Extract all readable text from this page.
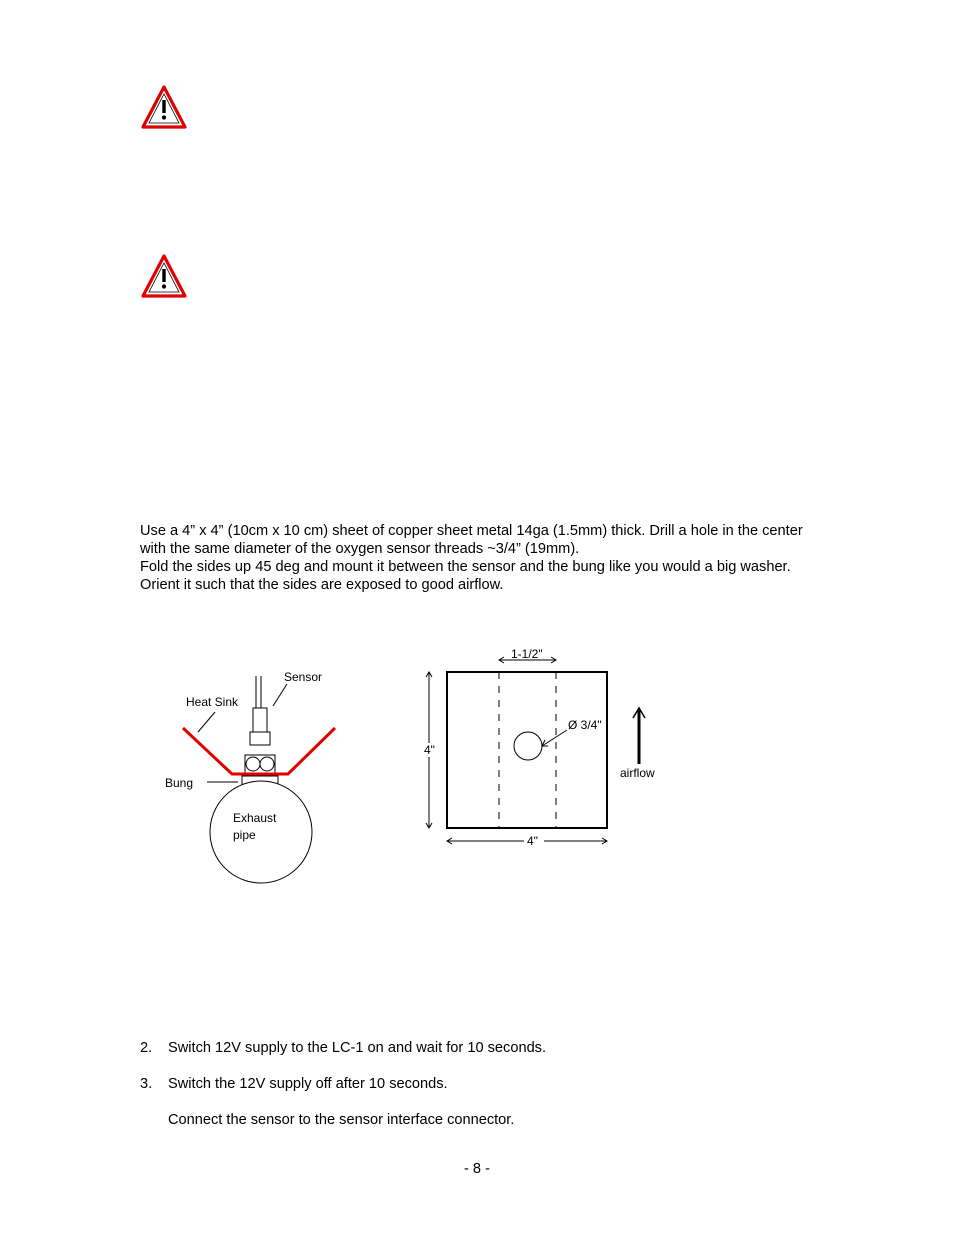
Use a 4” x 4” (10cm x 10 cm) sheet of copper sheet metal 14ga (1.5mm) thick. Drill a hole in the center with the same diameter of the oxygen sensor threads ~3/4” (19mm).

Fold the sides up 45 deg and mount it between the sensor and the bung like you would a big washer. Orient it such that the sides are exposed to good airflow.

Sensor
Heat Sink
Bung
Exhaust
pipe
Ø 3/4"
1-1/2"
4"
4"
airflow
2. Switch 12V supply to the LC-1 on and wait for 10 seconds.
3. Switch the 12V supply off after 10 seconds.
Connect the sensor to the sensor interface connector.
- 8 -
